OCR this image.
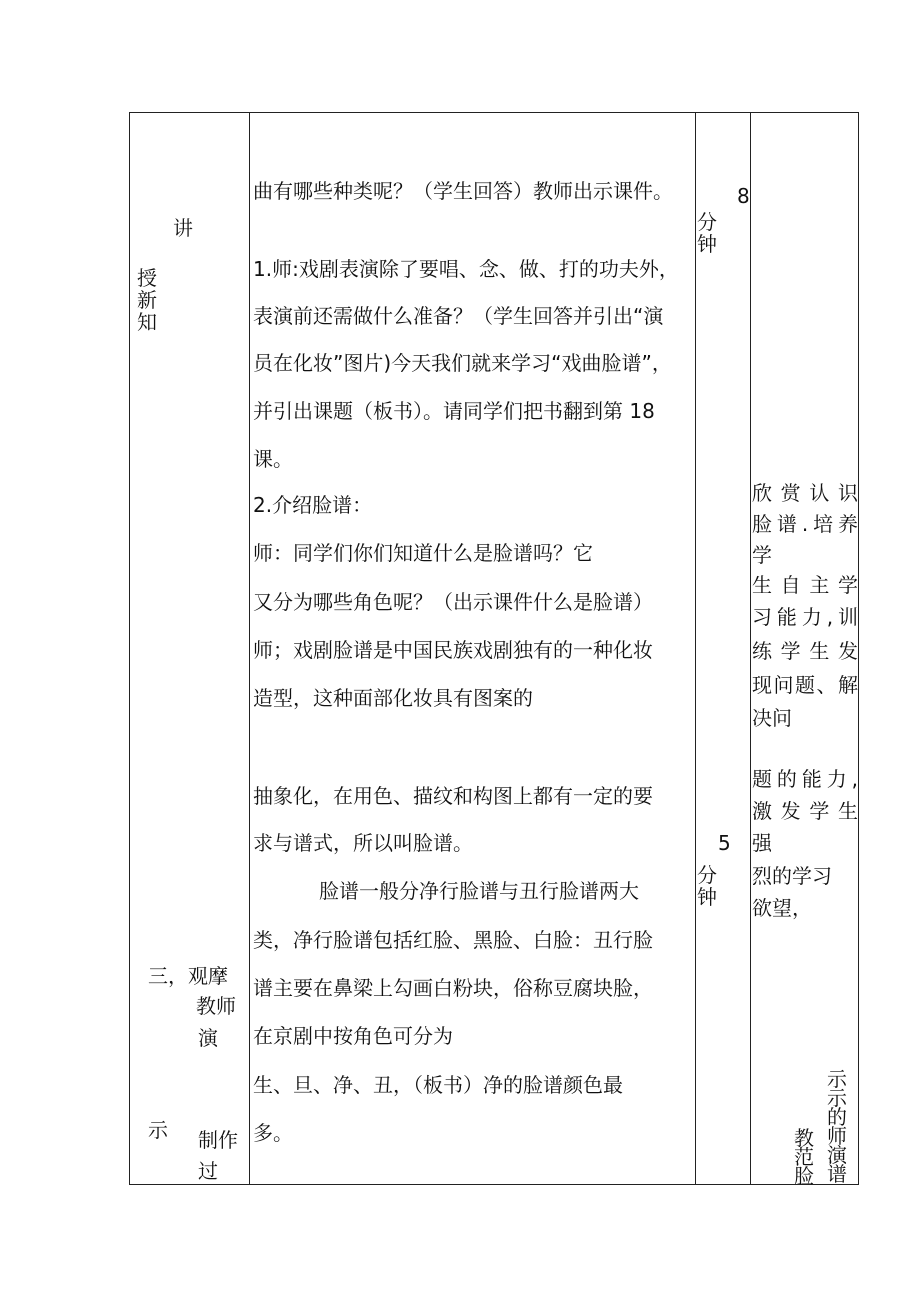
讲
授
新
知
三，观摩
教师
演
示 制作
过
曲有哪些种类呢？（学生回答）教师出示课件。
1.师:戏剧表演除了要唱、念、做、打的功夫外，
表演前还需做什么准备？（学生回答并引出“演
员在化妆”图片)今天我们就来学习“戏曲脸谱”，
并引出课题（板书）。请同学们把书翻到第 18
课。
2.介绍脸谱：
师：同学们你们知道什么是脸谱吗？它
又分为哪些角色呢？（出示课件什么是脸谱）
师；戏剧脸谱是中国民族戏剧独有的一种化妆
造型，这种面部化妆具有图案的
抽象化，在用色、描纹和构图上都有一定的要
求与谱式，所以叫脸谱。
脸谱一般分净行脸谱与丑行脸谱两大
类，净行脸谱包括红脸、黑脸、白脸：丑行脸
谱主要在鼻梁上勾画白粉块，俗称豆腐块脸，
在京剧中按角色可分为
生、旦、净、丑，（板书）净的脸谱颜色最
多。
8
分
钟
5
分
钟
欣赏认识
脸谱.培养
学
生自主学
习能力,训
练学生发
现问题、解
决问
题的能力,
激发学生
强
烈的学习
欲望，
示
示
的
师
演
谱
教
范
脸
